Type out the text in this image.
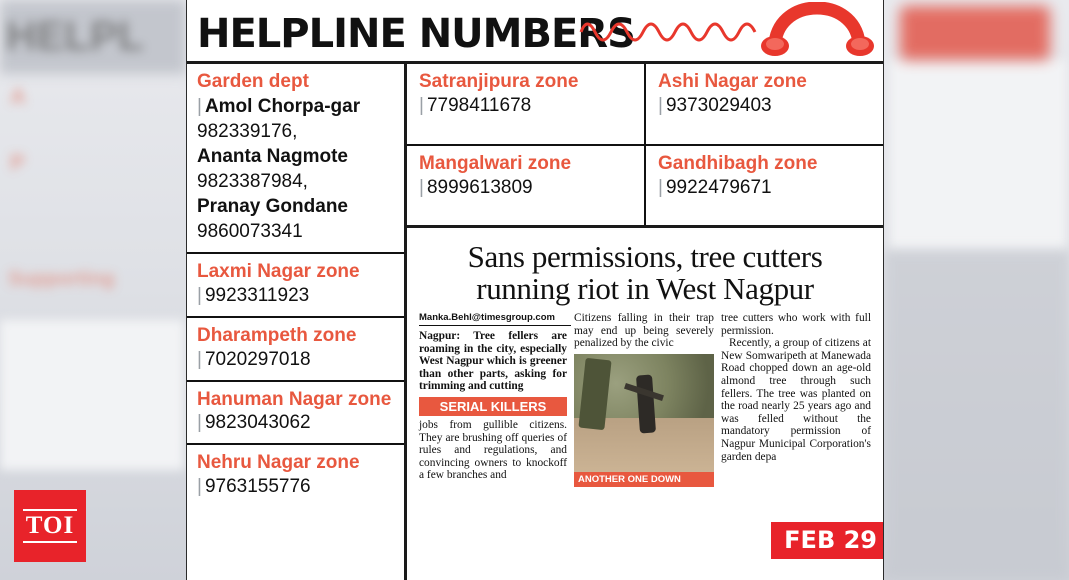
HELPL
A
P
Supporting
HELPLINE NUMBERS
Garden dept
| Amol Chorpa-gar
982339176,
Ananta Nagmote
9823387984,
Pranay Gondane
9860073341
Laxmi Nagar zone
| 9923311923
Dharampeth zone
| 7020297018
Hanuman Nagar zone | 9823043062
Nehru Nagar zone
| 9763155776
Satranjipura zone
| 7798411678
Mangalwari zone
| 8999613809
Ashi Nagar zone
| 9373029403
Gandhibagh zone
| 9922479671
Sans permissions, tree cutters
running riot in West Nagpur
Manka.Behl@timesgroup.com

Nagpur: Tree fellers are roaming in the city, especially West Nagpur which is greener than other parts, asking for trimming and cutting

SERIAL KILLERS

jobs from gullible citizens. They are brushing off queries of rules and regulations, and convincing owners to knockoff a few branches and

Citizens falling in their trap may end up being severely penalized by the civic

ANOTHER ONE DOWN

tree cutters who work with full permission.

Recently, a group of citizens at New Somwaripeth at Manewada Road chopped down an age-old almond tree through such fellers. The tree was planted on the road nearly 25 years ago and was felled without the mandatory permission of Nagpur Municipal Corporation's garden depa

FEB 29
TOI
